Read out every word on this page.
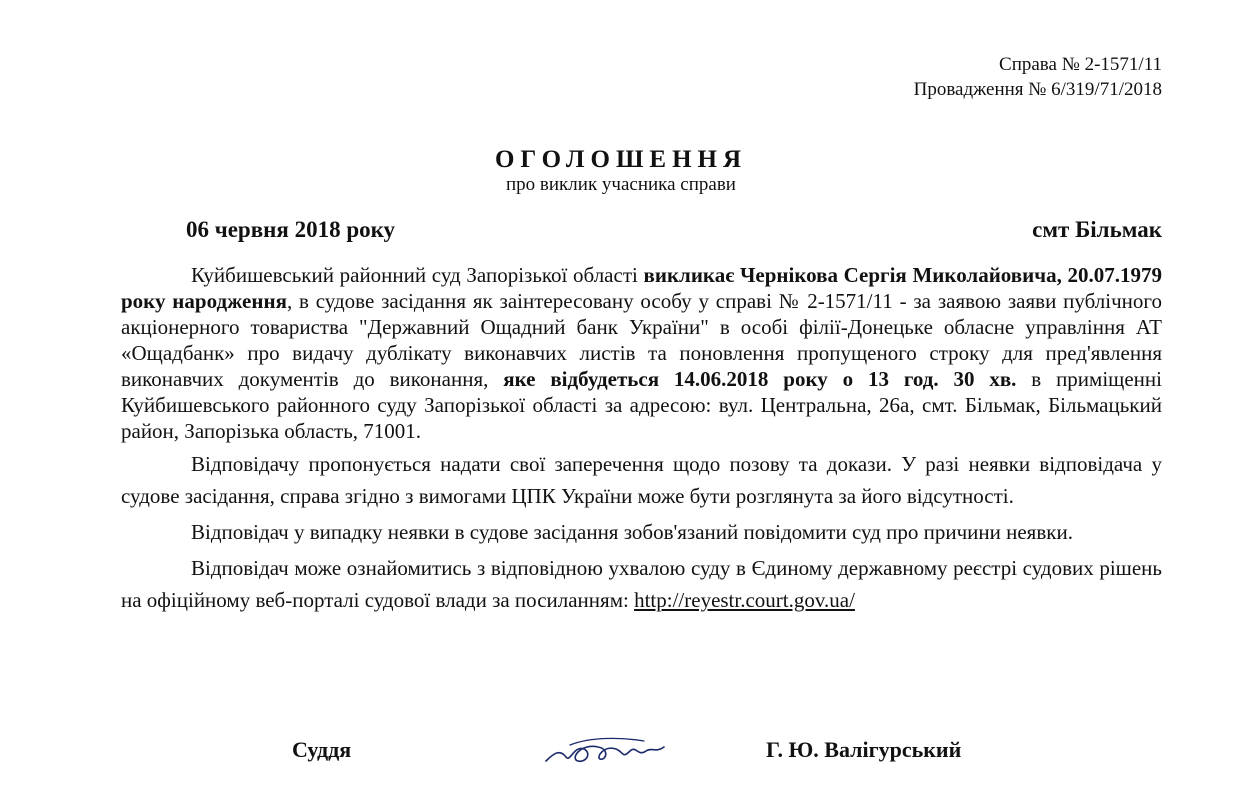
Справа № 2-1571/11
Провадження № 6/319/71/2018
ОГОЛОШЕННЯ
про виклик учасника справи
06 червня 2018 року	смт Більмак

Куйбишевський районний суд Запорізької області викликає Чернікова Сергія Миколайовича, 20.07.1979 року народження, в судове засідання як заінтересовану особу у справі № 2-1571/11 - за заявою заяви публічного акціонерного товариства "Державний Ощадний банк України" в особі філії-Донецьке обласне управління АТ «Ощадбанк» про видачу дублікату виконавчих листів та поновлення пропущеного строку для пред'явлення виконавчих документів до виконання, яке відбудеться 14.06.2018 року о 13 год. 30 хв. в приміщенні Куйбишевського районного суду Запорізької області за адресою: вул. Центральна, 26а, смт. Більмак, Більмацький район, Запорізька область, 71001.

Відповідачу пропонується надати свої заперечення щодо позову та докази. У разі неявки відповідача у судове засідання, справа згідно з вимогами ЦПК України може бути розглянута за його відсутності.

Відповідач у випадку неявки в судове засідання зобов'язаний повідомити суд про причини неявки.

Відповідач може ознайомитись з відповідною ухвалою суду в Єдиному державному реєстрі судових рішень на офіційному веб-порталі судової влади за посиланням: http://reyestr.court.gov.ua/

Суддя	Г. Ю. Валігурський
